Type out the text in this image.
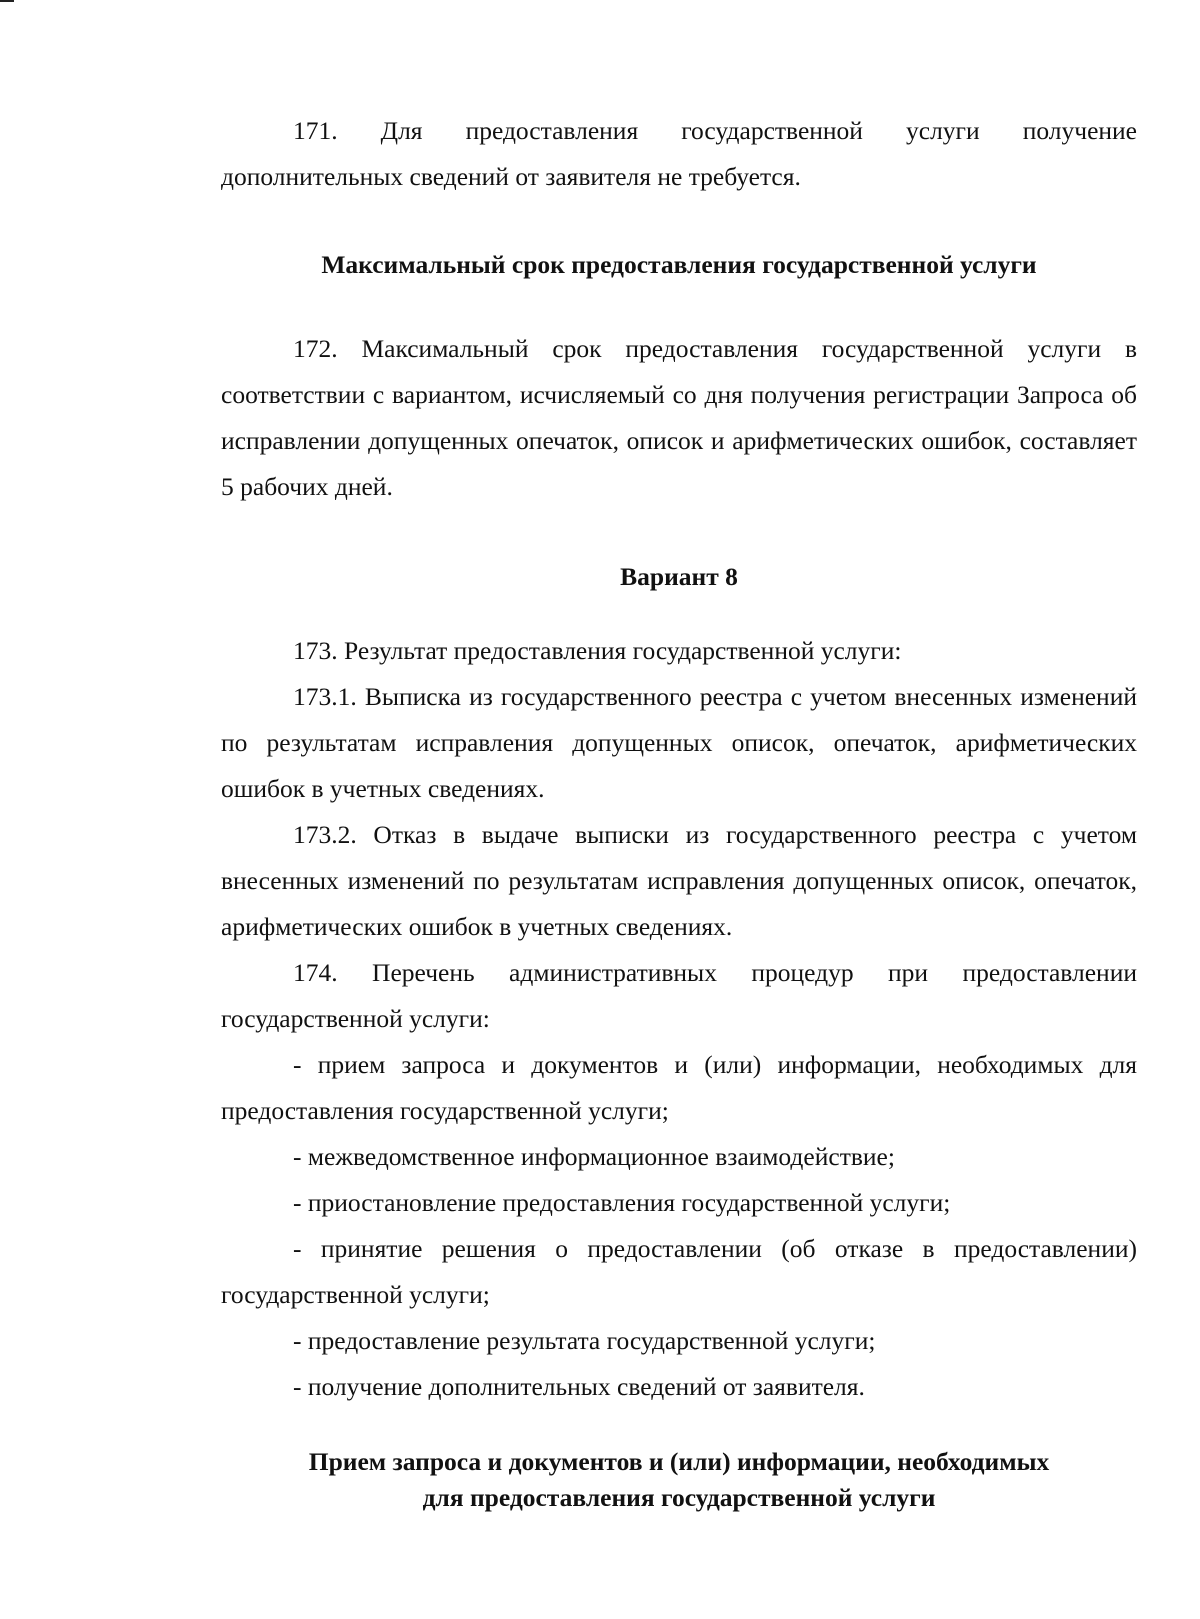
171. Для предоставления государственной услуги получение дополнительных сведений от заявителя не требуется.

Максимальный срок предоставления государственной услуги

172. Максимальный срок предоставления государственной услуги в соответствии с вариантом, исчисляемый со дня получения регистрации Запроса об исправлении допущенных опечаток, описок и арифметических ошибок, составляет 5 рабочих дней.

Вариант 8

173. Результат предоставления государственной услуги:

173.1. Выписка из государственного реестра с учетом внесенных изменений по результатам исправления допущенных описок, опечаток, арифметических ошибок в учетных сведениях.

173.2. Отказ в выдаче выписки из государственного реестра с учетом внесенных изменений по результатам исправления допущенных описок, опечаток, арифметических ошибок в учетных сведениях.

174. Перечень административных процедур при предоставлении государственной услуги:

- прием запроса и документов и (или) информации, необходимых для предоставления государственной услуги;

- межведомственное информационное взаимодействие;

- приостановление предоставления государственной услуги;

- принятие решения о предоставлении (об отказе в предоставлении) государственной услуги;

- предоставление результата государственной услуги;

- получение дополнительных сведений от заявителя.

Прием запроса и документов и (или) информации, необходимых
для предоставления государственной услуги
